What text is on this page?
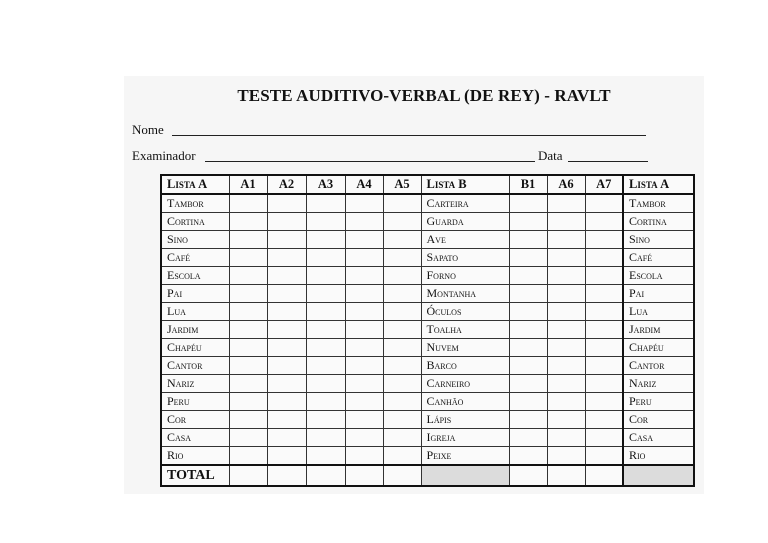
TESTE AUDITIVO-VERBAL (DE REY) - RAVLT
Nome
Examinador	Data
Lista A	A1	A2	A3	A4	A5	Lista B	B1	A6	A7	Lista A
Tambor						Carteira				Tambor
Cortina						Guarda				Cortina
Sino						Ave				Sino
Café						Sapato				Café
Escola						Forno				Escola
Pai						Montanha				Pai
Lua						Óculos				Lua
Jardim						Toalha				Jardim
Chapéu						Nuvem				Chapéu
Cantor						Barco				Cantor
Nariz						Carneiro				Nariz
Peru						Canhão				Peru
Cor						Lápis				Cor
Casa						Igreja				Casa
Rio						Peixe				Rio
TOTAL										
